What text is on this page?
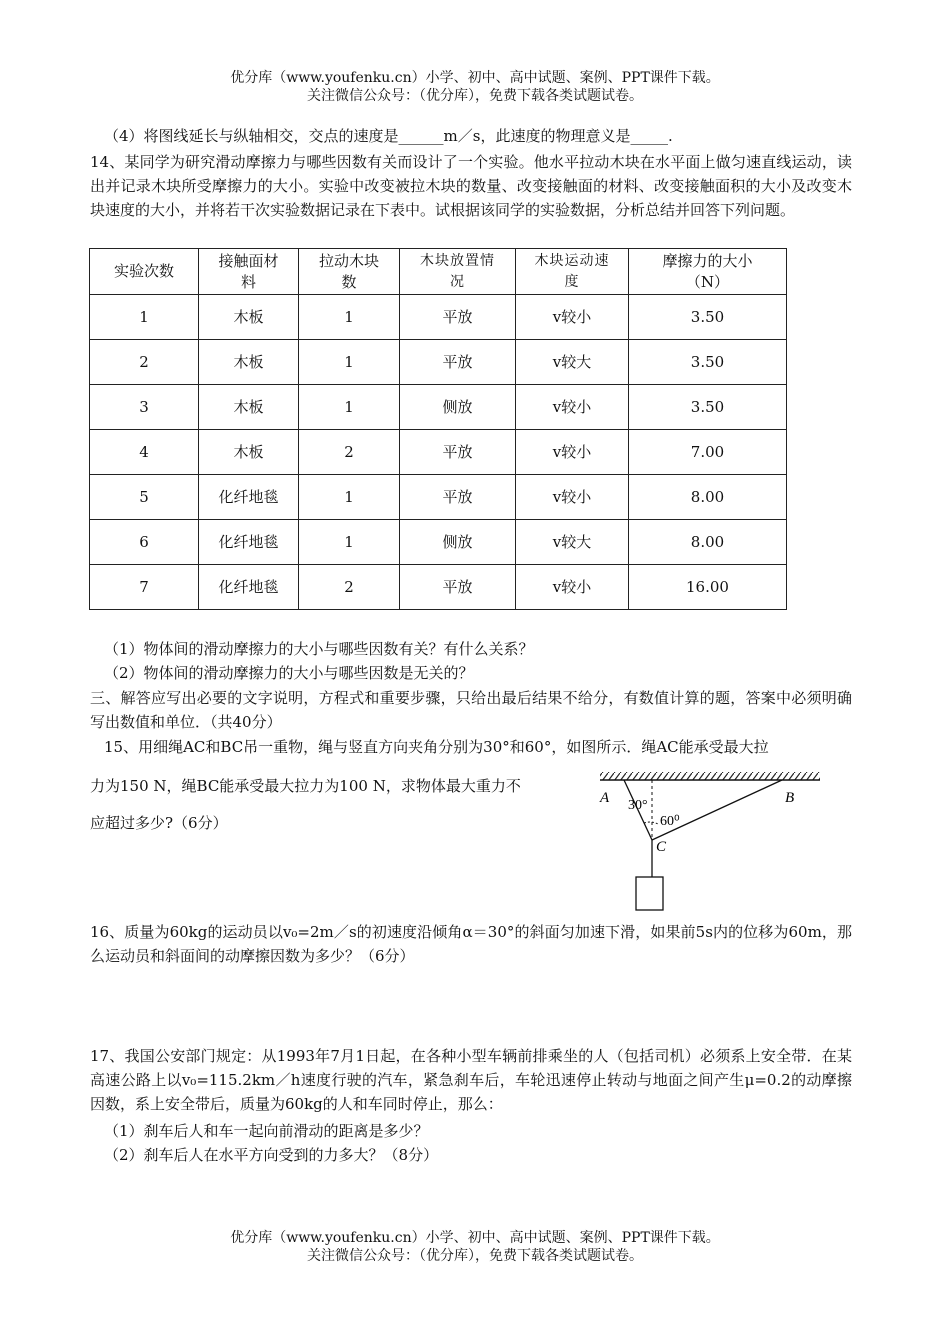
优分库（www.youfenku.cn）小学、初中、高中试题、案例、PPT课件下载。
关注微信公众号：（优分库），免费下载各类试题试卷。
（4）将图线延长与纵轴相交，交点的速度是______m／s，此速度的物理意义是_____.
14、某同学为研究滑动摩擦力与哪些因数有关而设计了一个实验。他水平拉动木块在水平面上做匀速直线运动，读出并记录木块所受摩擦力的大小。实验中改变被拉木块的数量、改变接触面的材料、改变接触面积的大小及改变木块速度的大小，并将若干次实验数据记录在下表中。试根据该同学的实验数据，分析总结并回答下列问题。
实验次数	接触面材料	拉动木块数	木块放置情况	木块运动速度	摩擦力的大小（N）

1	木板	1	平放	v较小	3.50
2	木板	1	平放	v较大	3.50
3	木板	1	侧放	v较小	3.50
4	木板	2	平放	v较小	7.00
5	化纤地毯	1	平放	v较小	8.00
6	化纤地毯	1	侧放	v较大	8.00
7	化纤地毯	2	平放	v较小	16.00
（1）物体间的滑动摩擦力的大小与哪些因数有关？有什么关系？
（2）物体间的滑动摩擦力的大小与哪些因数是无关的？
三、解答应写出必要的文字说明，方程式和重要步骤，只给出最后结果不给分，有数值计算的题，答案中必须明确写出数值和单位．（共40分）
15、用细绳AC和BC吊一重物，绳与竖直方向夹角分别为30°和60°，如图所示．绳AC能承受最大拉
力为150 N，绳BC能承受最大拉力为100 N，求物体最大重力不
应超过多少?（6分）
A	B
C
30°
60⁰
16、质量为60kg的运动员以v₀=2m／s的初速度沿倾角α＝30°的斜面匀加速下滑，如果前5s内的位移为60m，那么运动员和斜面间的动摩擦因数为多少？（6分）
17、我国公安部门规定：从1993年7月1日起，在各种小型车辆前排乘坐的人（包括司机）必须系上安全带．在某高速公路上以v₀=115.2km／h速度行驶的汽车，紧急刹车后，车轮迅速停止转动与地面之间产生μ=0.2的动摩擦因数，系上安全带后，质量为60kg的人和车同时停止，那么：
（1）刹车后人和车一起向前滑动的距离是多少？
（2）刹车后人在水平方向受到的力多大？（8分）
优分库（www.youfenku.cn）小学、初中、高中试题、案例、PPT课件下载。
关注微信公众号：（优分库），免费下载各类试题试卷。
